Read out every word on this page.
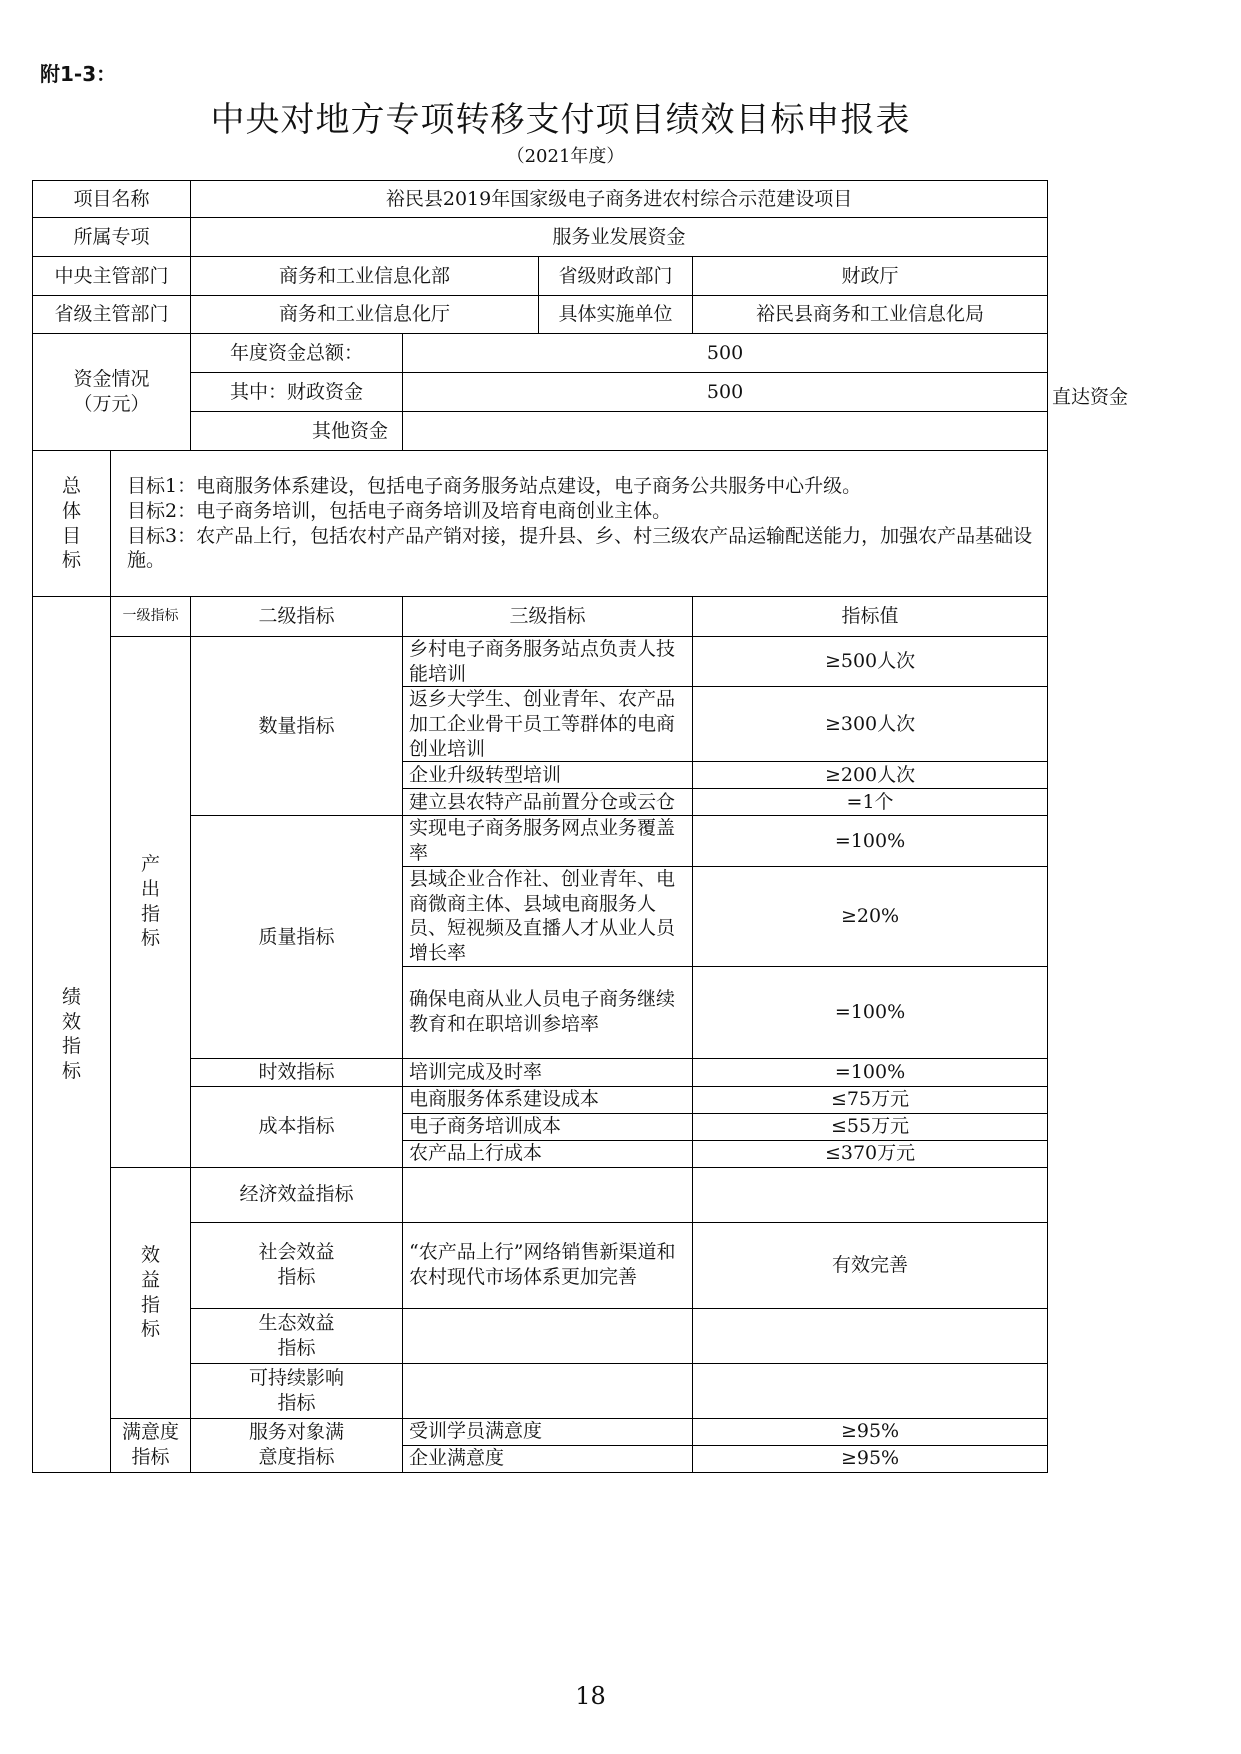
附1-3：
中央对地方专项转移支付项目绩效目标申报表
（2021年度）
项目名称		裕民县2019年国家级电子商务进农村综合示范建设项目			
所属专项		服务业发展资金			
中央主管部门		商务和工业信息化部		省级财政部门	财政厅
省级主管部门		商务和工业信息化厅		具体实施单位	裕民县商务和工业信息化局

资金情况
（万元）		年度资金总额：	500		
		其中：财政资金	500		
		其他资金			
总体目标	目标1：电商服务体系建设，包括电子商务服务站点建设，电子商务公共服务中心升级。
目标2：电子商务培训，包括电子商务培训及培育电商创业主体。
目标3：农产品上行，包括农村产品产销对接，提升县、乡、村三级农产品运输配送能力，加强农产品基础设施。				

绩效指标	一级指标	二级指标	三级指标		指标值
	产出指标	数量指标	乡村电子商务服务站点负责人技能培训		≥500人次
			返乡大学生、创业青年、农产品加工企业骨干员工等群体的电商创业培训		≥300人次
			企业升级转型培训		≥200人次
			建立县农特产品前置分仓或云仓		=1个
		质量指标	实现电子商务服务网点业务覆盖率		=100%
			县域企业合作社、创业青年、电商微商主体、县域电商服务人员、短视频及直播人才从业人员增长率		≥20%
			确保电商从业人员电子商务继续教育和在职培训参培率		=100%
		时效指标	培训完成及时率		=100%
		成本指标	电商服务体系建设成本		≤75万元
			电子商务培训成本		≤55万元
			农产品上行成本		≤370万元
	效益指标	经济效益指标			

		社会效益指标	“农产品上行”网络销售新渠道和农村现代市场体系更加完善		有效完善

		生态效益指标			

		可持续影响指标			

	满意度指标	服务对象满意度指标	受训学员满意度		≥95%
			企业满意度		≥95%
直达资金
18
